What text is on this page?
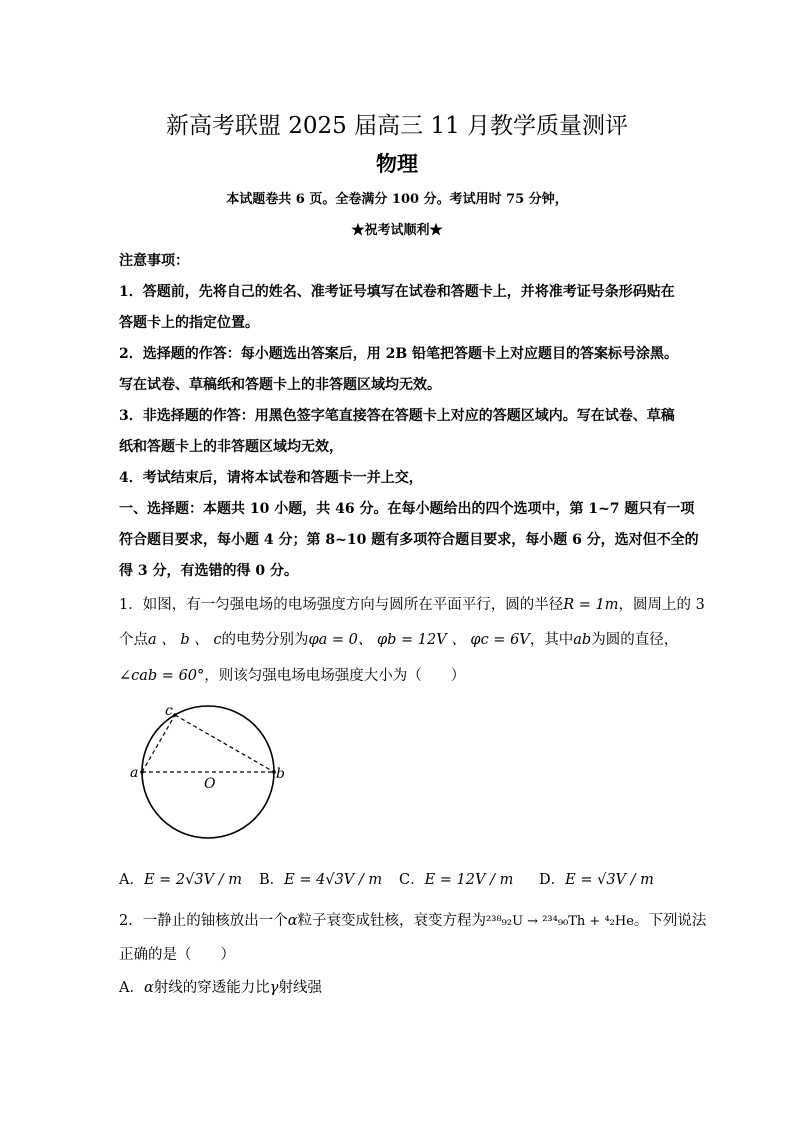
新高考联盟 2025 届高三 11 月教学质量测评
物理
本试题卷共 6 页。全卷满分 100 分。考试用时 75 分钟，
★祝考试顺利★
注意事项：
1．答题前，先将自己的姓名、准考证号填写在试卷和答题卡上，并将准考证号条形码贴在
答题卡上的指定位置。
2．选择题的作答：每小题选出答案后，用 2B 铅笔把答题卡上对应题目的答案标号涂黑。
写在试卷、草稿纸和答题卡上的非答题区域均无效。
3．非选择题的作答：用黑色签字笔直接答在答题卡上对应的答题区域内。写在试卷、草稿
纸和答题卡上的非答题区域均无效，
4．考试结束后，请将本试卷和答题卡一并上交，
一、选择题：本题共 10 小题，共 46 分。在每小题给出的四个选项中，第 1~7 题只有一项
符合题目要求，每小题 4 分；第 8~10 题有多项符合题目要求，每小题 6 分，选对但不全的
得 3 分，有选错的得 0 分。
1．如图，有一匀强电场的电场强度方向与圆所在平面平行，圆的半径R = 1m，圆周上的 3
个点a 、 b 、 c的电势分别为φa = 0、 φb = 12V 、 φc = 6V，其中ab为圆的直径，
∠cab = 60°，则该匀强电场电场强度大小为（　　）
a	b
c
O
A．E = 2√3V / m B．E = 4√3V / m C．E = 12V / m D．E = √3V / m
2．一静止的铀核放出一个α粒子衰变成钍核，衰变方程为²³⁸₉₂U → ²³⁴₉₀Th + ⁴₂He。下列说法
正确的是（　　）
A．α射线的穿透能力比γ射线强
